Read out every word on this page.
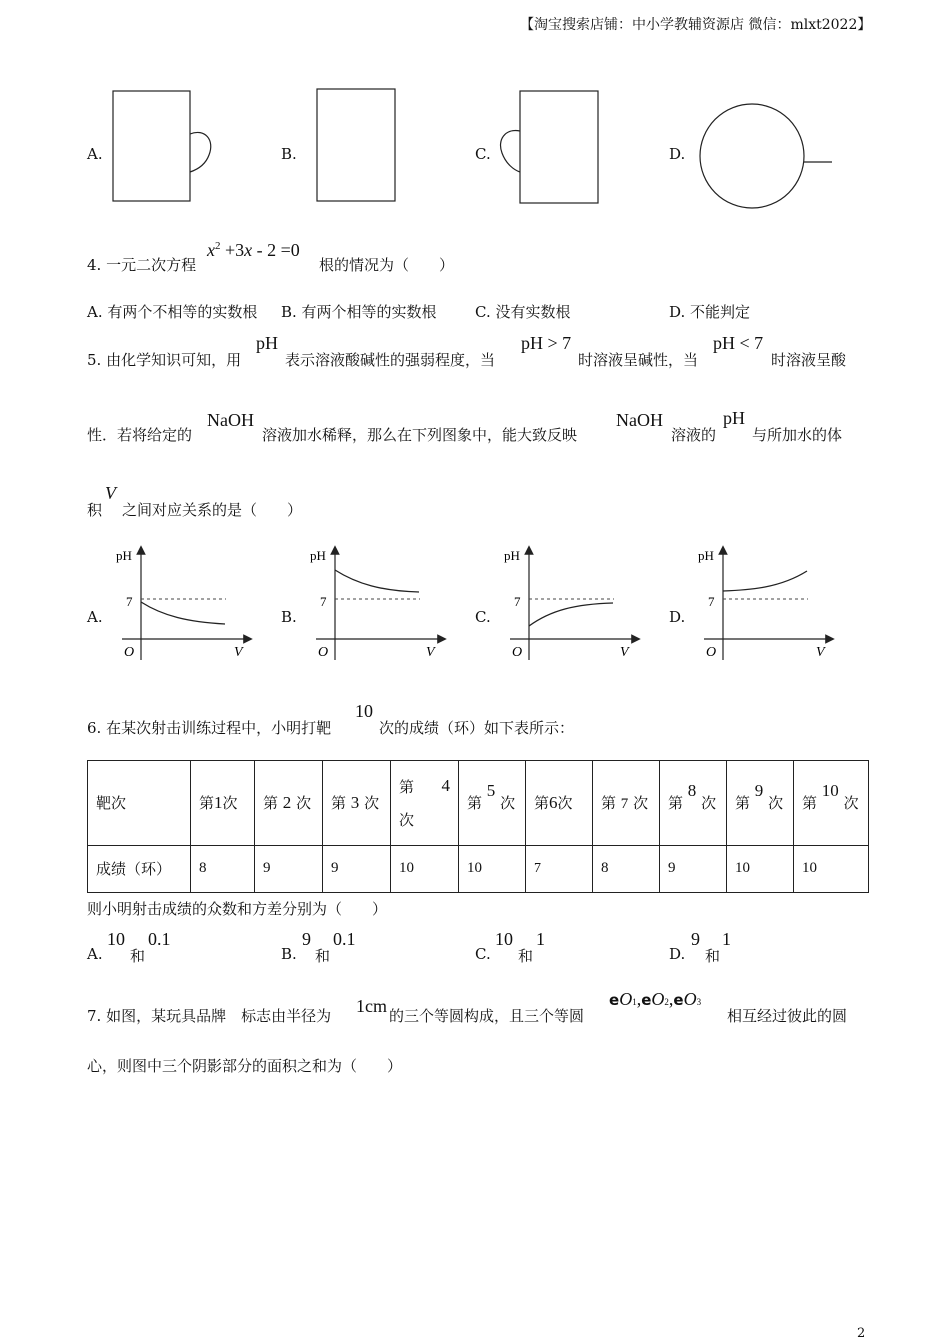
【淘宝搜索店铺：中小学教辅资源店 微信：mlxt2022】
A.	B.	C.	D.
4. 一元二次方程
$x^2 +3x - 2 =0$
根的情况为（　　）
A. 有两个不相等的实数根 B. 有两个相等的实数根	C. 没有实数根	D. 不能判定
5. 由化学知识可知，用
pH
表示溶液酸碱性的强弱程度，当
pH > 7
时溶液呈碱性，当
pH < 7
时溶液呈酸
性．若将给定的
NaOH
溶液加水稀释，那么在下列图象中，能大致反映
NaOH
溶液的
pH
与所加水的体
积
V
之间对应关系的是（　　）
A.	B.	C.	D.
pH
7
O	V
pH
7
O	V
pH
7
O	V
pH
7
O	V
6. 在某次射击训练过程中，小明打靶
10
次的成绩（环）如下表所示：
靶次	第1次	第 2 次	第 3 次	第 4
次	第 5 次	第6次	第 7 次	第 8 次	第 9 次	第 10 次
成绩（环）	8	9	9	10	10	7	8	9	10	10
则小明射击成绩的众数和方差分别为（　　）
A.
10
和
0.1
B.
9
和
0.1
C.
10
和
1
D.
9
和
1
7. 如图，某玩具品牌　标志由半径为 1cm 的三个等圆构成，且三个等圆
eO1,eO2,eO3
相互经过彼此的圆
心，则图中三个阴影部分的面积之和为（　　）
2
